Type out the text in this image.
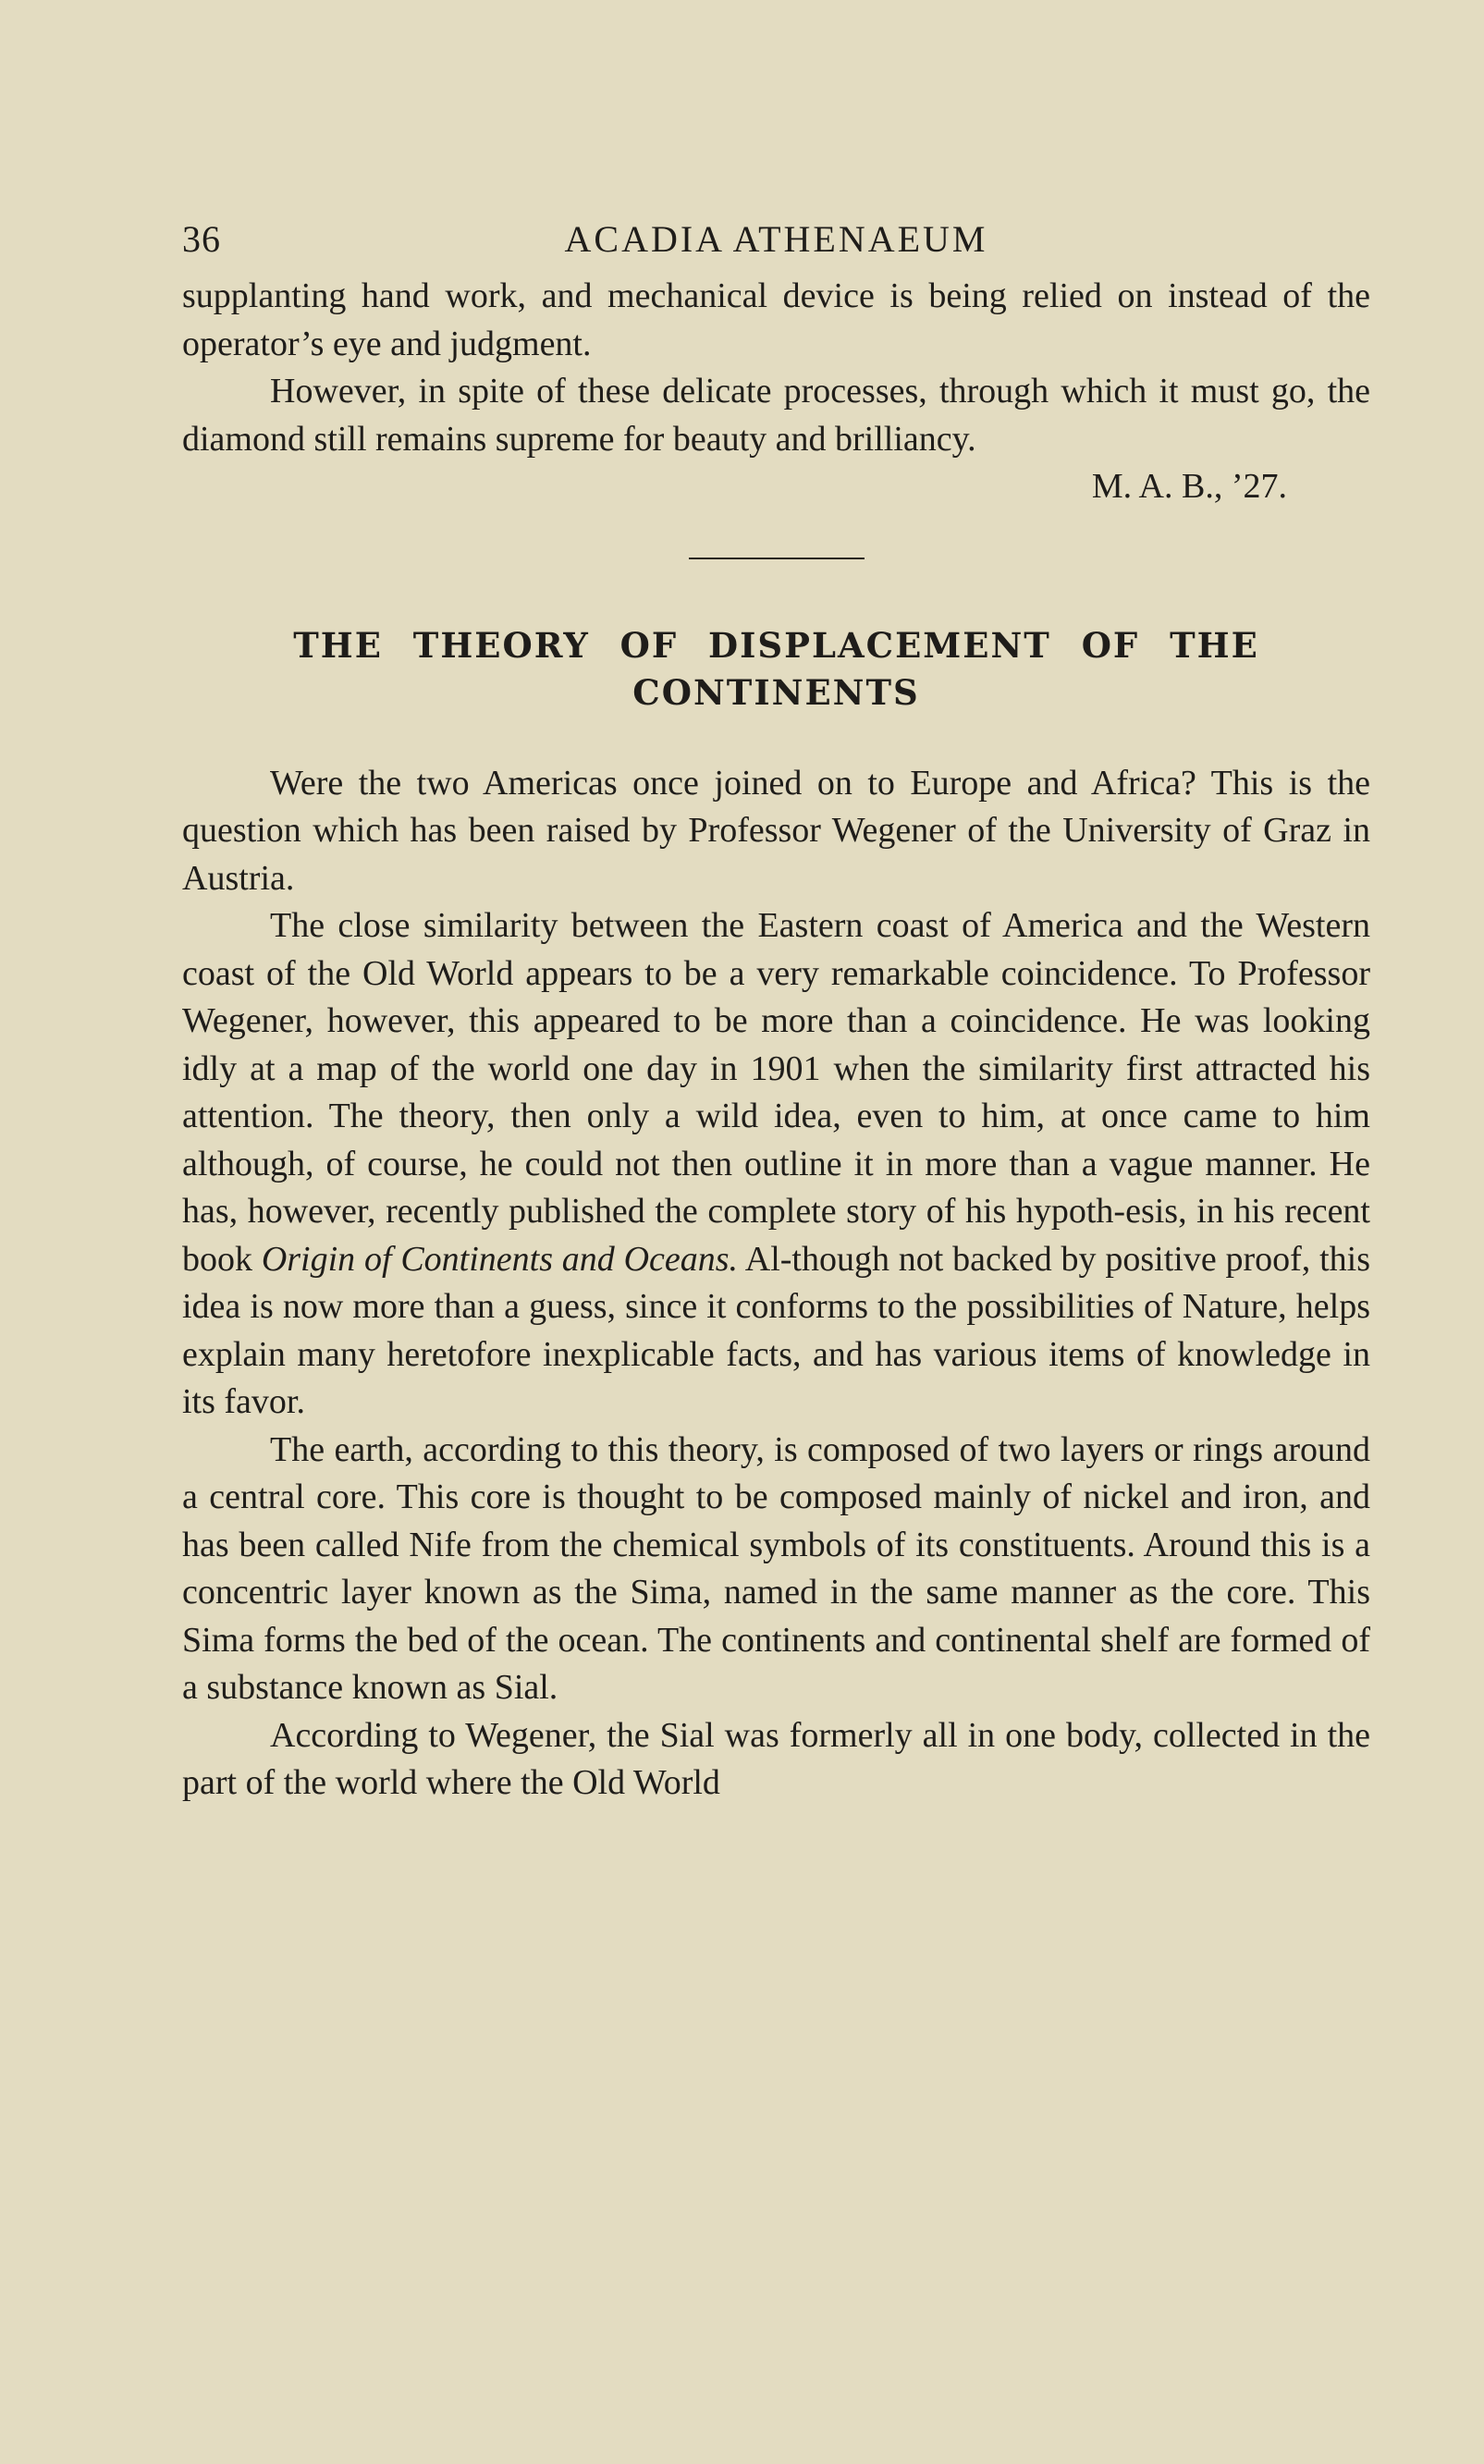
36	ACADIA ATHENAEUM

supplanting hand work, and mechanical device is being relied on instead of the operator’s eye and judgment.

However, in spite of these delicate processes, through which it must go, the diamond still remains supreme for beauty and brilliancy.

M. A. B., ’27.

THE THEORY OF DISPLACEMENT OF THE CONTINENTS

Were the two Americas once joined on to Europe and Africa? This is the question which has been raised by Professor Wegener of the University of Graz in Austria.

The close similarity between the Eastern coast of America and the Western coast of the Old World appears to be a very remarkable coincidence. To Professor Wegener, however, this appeared to be more than a coincidence. He was looking idly at a map of the world one day in 1901 when the similarity first attracted his attention. The theory, then only a wild idea, even to him, at once came to him although, of course, he could not then outline it in more than a vague manner. He has, however, recently published the complete story of his hypoth-esis, in his recent book Origin of Continents and Oceans. Al-though not backed by positive proof, this idea is now more than a guess, since it conforms to the possibilities of Nature, helps explain many heretofore inexplicable facts, and has various items of knowledge in its favor.

The earth, according to this theory, is composed of two layers or rings around a central core. This core is thought to be composed mainly of nickel and iron, and has been called Nife from the chemical symbols of its constituents. Around this is a concentric layer known as the Sima, named in the same manner as the core. This Sima forms the bed of the ocean. The continents and continental shelf are formed of a substance known as Sial.

According to Wegener, the Sial was formerly all in one body, collected in the part of the world where the Old World
